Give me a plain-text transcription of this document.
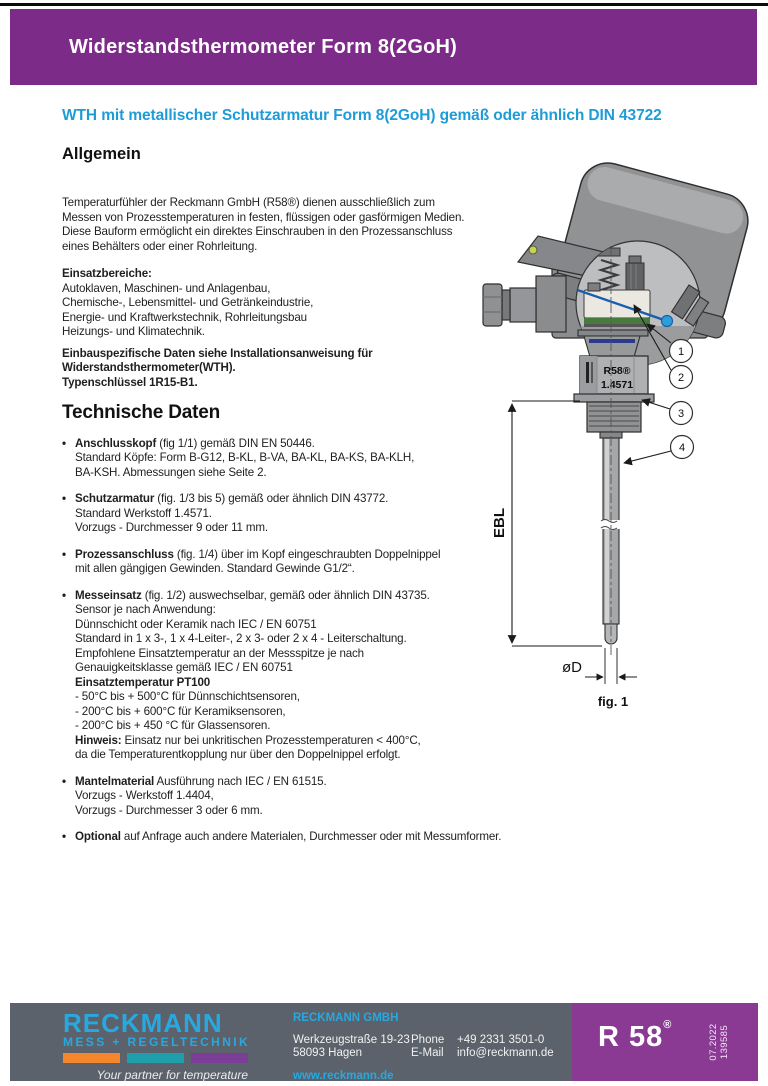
Widerstandsthermometer Form 8(2GoH)
WTH mit metallischer Schutzarmatur Form 8(2GoH) gemäß oder ähnlich DIN 43722
Allgemein
Temperaturfühler der Reckmann GmbH (R58®) dienen ausschließlich zum
Messen von Prozesstemperaturen in festen, flüssigen oder gasförmigen Medien.
Diese Bauform ermöglicht ein direktes Einschrauben in den Prozessanschluss
eines Behälters oder einer Rohrleitung.
Einsatzbereiche:
Autoklaven, Maschinen- und Anlagenbau,
Chemische-, Lebensmittel- und Getränkeindustrie,
Energie- und Kraftwerkstechnik, Rohrleitungsbau
Heizungs- und Klimatechnik.
Einbauspezifische Daten siehe Installationsanweisung für
Widerstandsthermometer(WTH).
Typenschlüssel 1R15-B1.
Technische Daten
• Anschlusskopf (fig 1/1) gemäß DIN EN 50446.
Standard Köpfe: Form B-G12, B-KL, B-VA, BA-KL, BA-KS, BA-KLH,
BA-KSH. Abmessungen siehe Seite 2.
• Schutzarmatur (fig. 1/3 bis 5) gemäß oder ähnlich DIN 43772.
Standard Werkstoff 1.4571.
Vorzugs - Durchmesser 9 oder 11 mm.
• Prozessanschluss (fig. 1/4) über im Kopf eingeschraubten Doppelnippel
mit allen gängigen Gewinden. Standard Gewinde G1/2“.
• Messeinsatz (fig. 1/2) auswechselbar, gemäß oder ähnlich DIN 43735.
Sensor je nach Anwendung:
Dünnschicht oder Keramik nach IEC / EN 60751
Standard in 1 x 3-, 1 x 4-Leiter-, 2 x 3- oder 2 x 4 - Leiterschaltung.
Empfohlene Einsatztemperatur an der Messspitze je nach
Genauigkeitsklasse gemäß IEC / EN 60751
Einsatztemperatur PT100
- 50°C bis + 500°C für Dünnschichtsensoren,
- 200°C bis + 600°C für Keramiksensoren,
- 200°C bis + 450 °C für Glassensoren.
Hinweis: Einsatz nur bei unkritischen Prozesstemperaturen < 400°C,
da die Temperaturentkopplung nur über den Doppelnippel erfolgt.
• Mantelmaterial Ausführung nach IEC / EN 61515.
Vorzugs - Werkstoff 1.4404,
Vorzugs - Durchmesser 3 oder 6 mm.
• Optional auf Anfrage auch andere Materialen, Durchmesser oder mit Messumformer.
R58®
1.4571
EBL
øD
1
2
3
4
fig. 1
RECKMANN
MESS + REGELTECHNIK
Your partner for temperature
RECKMANN GMBH
Werkzeugstraße 19-23
58093 Hagen
Phone +49 2331 3501-0
E-Mail info@reckmann.de
www.reckmann.de
R 58®	07.2022 139585
